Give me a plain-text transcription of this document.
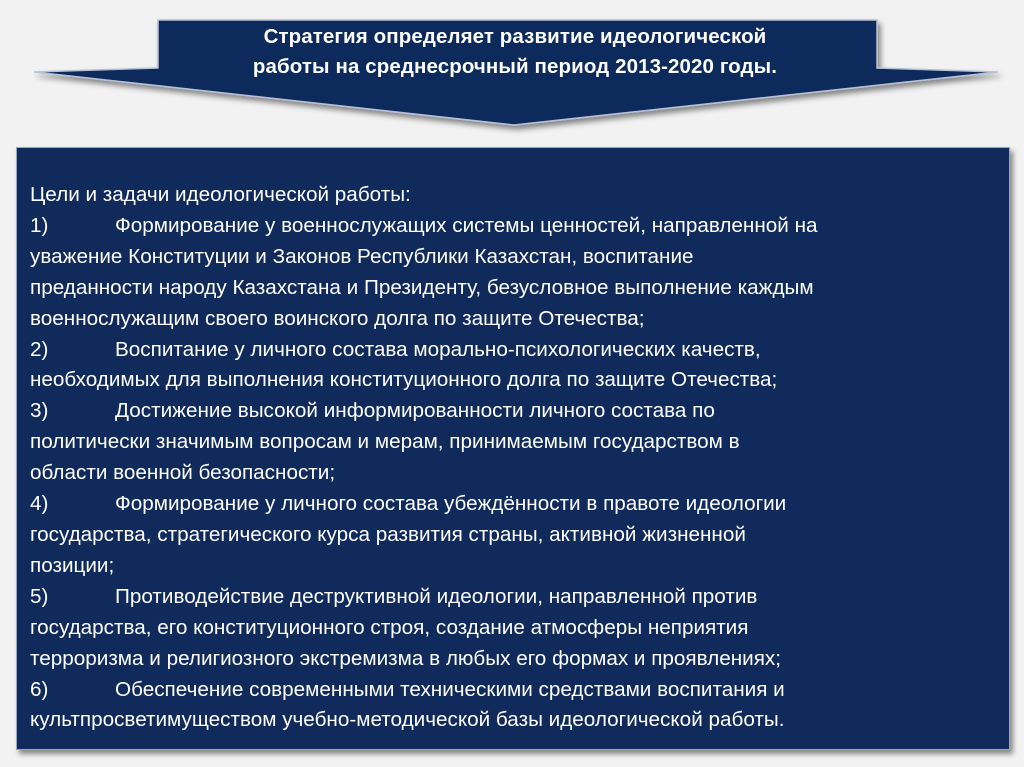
Стратегия определяет развитие идеологической
работы на среднесрочный период 2013-2020 годы.
Цели и задачи идеологической работы:
1)	Формирование у военнослужащих системы ценностей, направленной на
уважение Конституции и Законов Республики Казахстан, воспитание
преданности народу Казахстана и Президенту, безусловное выполнение каждым
военнослужащим своего воинского долга по защите Отечества;
2)	Воспитание у личного состава морально-психологических качеств,
необходимых для выполнения конституционного долга по защите Отечества;
3)	Достижение высокой информированности личного состава по
политически значимым вопросам и мерам, принимаемым государством в
области военной безопасности;
4)	Формирование у личного состава убеждённости в правоте идеологии
государства, стратегического курса развития страны, активной жизненной
позиции;
5)	Противодействие деструктивной идеологии, направленной против
государства, его конституционного строя, создание атмосферы неприятия
терроризма и религиозного экстремизма в любых его формах и проявлениях;
6)	Обеспечение современными техническими средствами воспитания и
культпросветимуществом учебно-методической базы идеологической работы.
